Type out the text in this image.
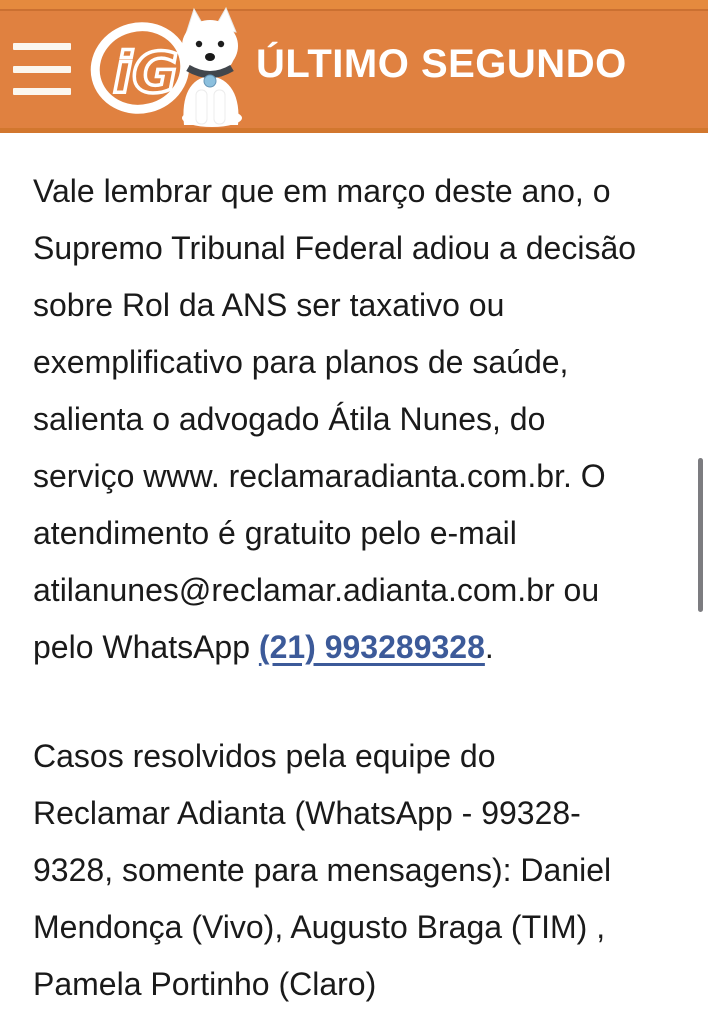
iG ÚLTIMO SEGUNDO
Vale lembrar que em março deste ano, o
Supremo Tribunal Federal adiou a decisão
sobre Rol da ANS ser taxativo ou
exemplificativo para planos de saúde,
salienta o advogado Átila Nunes, do
serviço www. reclamaradianta.com.br. O
atendimento é gratuito pelo e-mail
atilanunes@reclamar.adianta.com.br ou
pelo WhatsApp (21) 993289328.
Casos resolvidos pela equipe do
Reclamar Adianta (WhatsApp - 99328-
9328, somente para mensagens): Daniel
Mendonça (Vivo), Augusto Braga (TIM) ,
Pamela Portinho (Claro)
